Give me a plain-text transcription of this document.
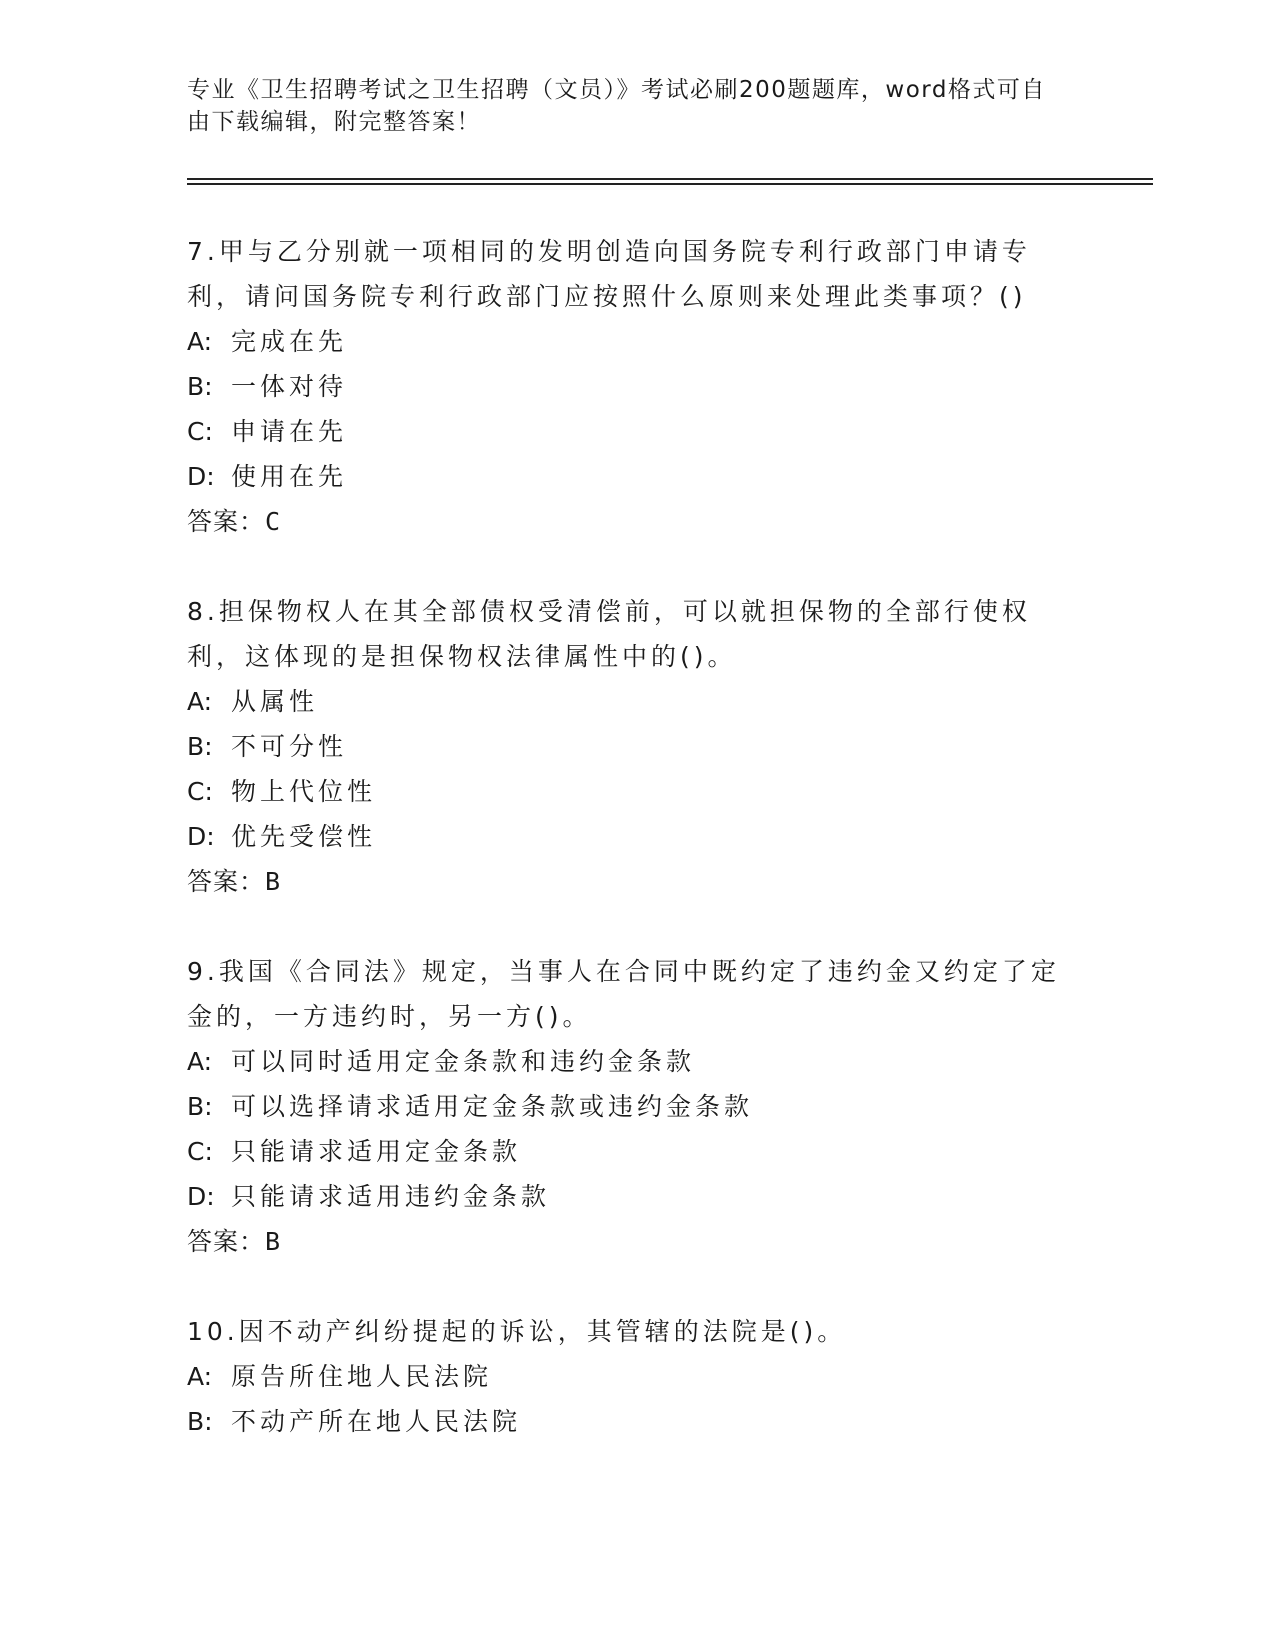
专业《卫生招聘考试之卫生招聘（文员）》考试必刷200题题库，word格式可自由下载编辑，附完整答案！

7.甲与乙分别就一项相同的发明创造向国务院专利行政部门申请专利，请问国务院专利行政部门应按照什么原则来处理此类事项？()

A: 完成在先

B: 一体对待

C: 申请在先

D: 使用在先

答案：C

8.担保物权人在其全部债权受清偿前，可以就担保物的全部行使权利，这体现的是担保物权法律属性中的()。

A: 从属性

B: 不可分性

C: 物上代位性

D: 优先受偿性

答案：B

9.我国《合同法》规定，当事人在合同中既约定了违约金又约定了定金的，一方违约时，另一方()。

A: 可以同时适用定金条款和违约金条款

B: 可以选择请求适用定金条款或违约金条款

C: 只能请求适用定金条款

D: 只能请求适用违约金条款

答案：B

10.因不动产纠纷提起的诉讼，其管辖的法院是()。

A: 原告所住地人民法院

B: 不动产所在地人民法院
